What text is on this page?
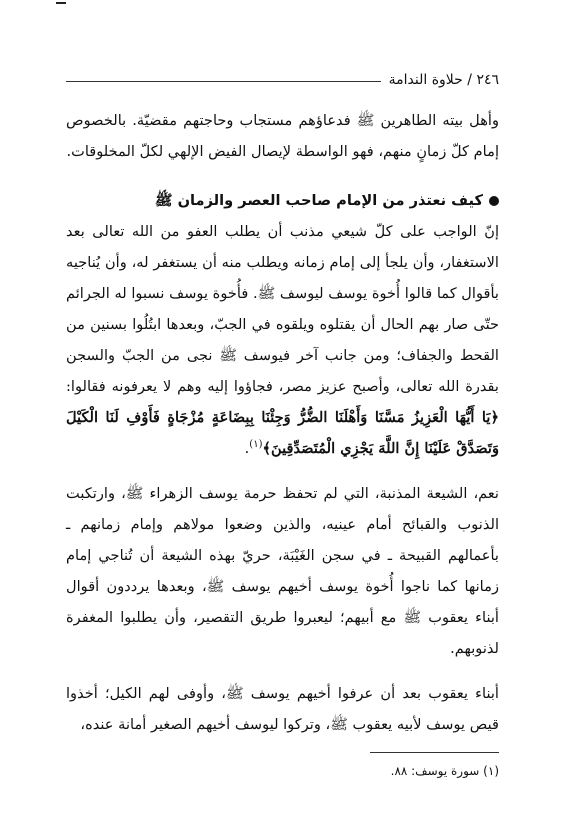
٢٤٦ / حلاوة الندامة

وأهل بيته الطاهرين ﷺ فدعاؤهم مستجاب وحاجتهم مقضيّة. بالخصوص إمام كلّ زمانٍ منهم، فهو الواسطة لإيصال الفيض الإلهي لكلّ المخلوقات.

كيف نعتذر من الإمام صاحب العصر والزمان ﷺ

إنّ الواجب على كلّ شيعي مذنب أن يطلب العفو من الله تعالى بعد الاستغفار، وأن يلجأ إلى إمام زمانه ويطلب منه أن يستغفر له، وأن يُناجيه بأقوال كما قالوا أُخوة يوسف ليوسف ﷺ. فأُخوة يوسف نسبوا له الجرائم حتّى صار بهم الحال أن يقتلوه ويلقوه في الجبّ، وبعدها ابتُلُوا بسنين من القحط والجفاف؛ ومن جانب آخر فيوسف ﷺ نجى من الجبّ والسجن بقدرة الله تعالى، وأصبح عزيز مصر، فجاؤوا إليه وهم لا يعرفونه فقالوا: ﴿يَا أَيُّهَا الْعَزِيزُ مَسَّنَا وَأَهْلَنَا الضُّرُّ وَجِئْنَا بِبِضَاعَةٍ مُزْجَاةٍ فَأَوْفِ لَنَا الْكَيْلَ وَتَصَدَّقْ عَلَيْنَا إِنَّ اللَّهَ يَجْزِي الْمُتَصَدِّقِينَ﴾$^{(١)}$.

نعم، الشيعة المذنبة، التي لم تحفظ حرمة يوسف الزهراء ﷺ، وارتكبت الذنوب والقبائح أمام عينيه، والذين وضعوا مولاهم وإمام زمانهم ـ بأعمالهم القبيحة ـ في سجن الغَيْبَة، حريّ بهذه الشيعة أن تُناجي إمام زمانها كما ناجوا أُخوة يوسف أخيهم يوسف ﷺ، وبعدها يرددون أقوال أبناء يعقوب ﷺ مع أبيهم؛ ليعبروا طريق التقصير، وأن يطلبوا المغفرة لذنوبهم.

أبناء يعقوب بعد أن عرفوا أخيهم يوسف ﷺ، وأوفى لهم الكيل؛ أخذوا قيص يوسف لأبيه يعقوب ﷺ، وتركوا ليوسف أخيهم الصغير أمانة عنده،

(١) سورة يوسف: ٨٨.
